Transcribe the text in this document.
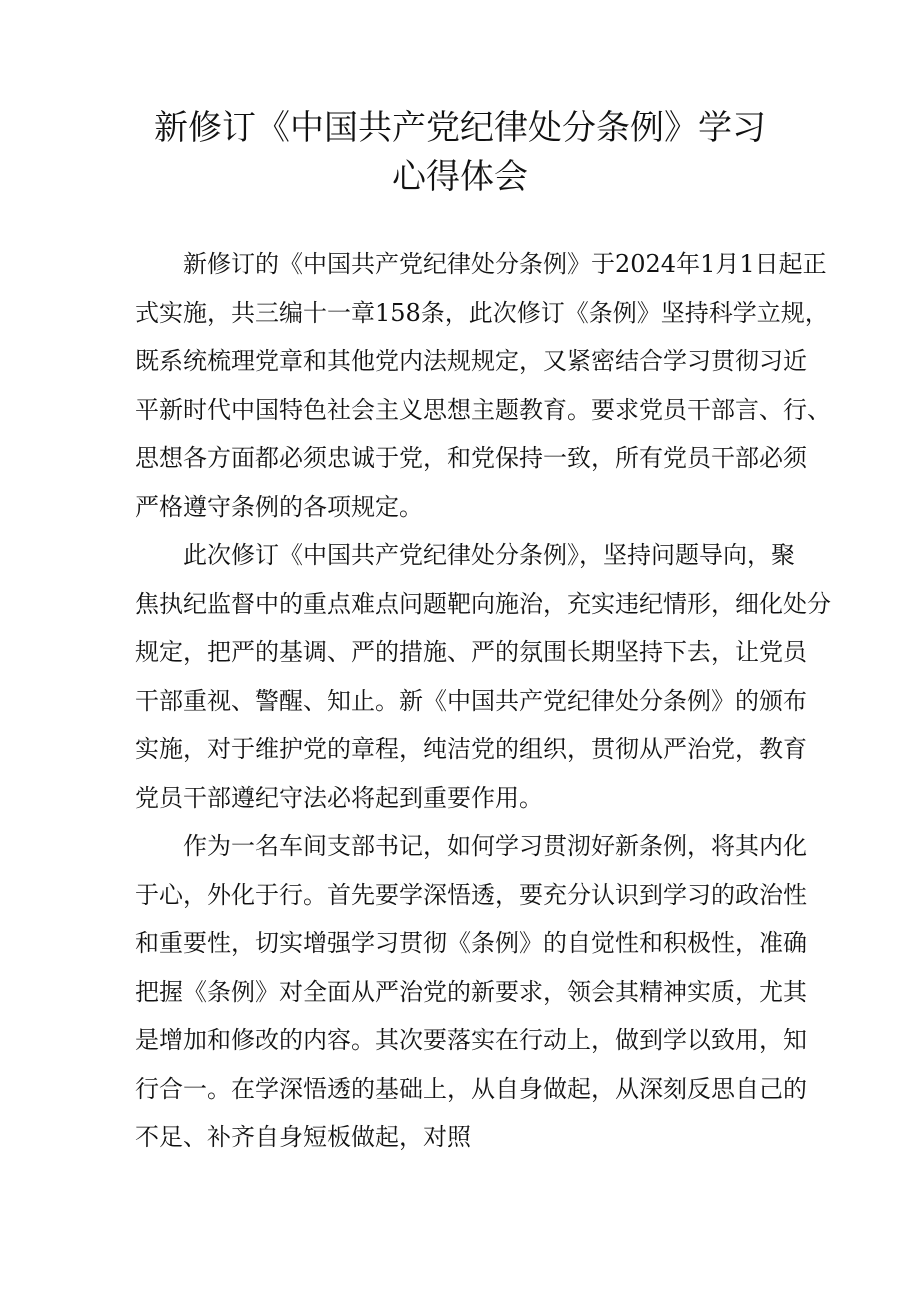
新修订《中国共产党纪律处分条例》学习
心得体会
新修订的《中国共产党纪律处分条例》于2024年1月1日起正
式实施，共三编十一章158条，此次修订《条例》坚持科学立规，
既系统梳理党章和其他党内法规规定，又紧密结合学习贯彻习近
平新时代中国特色社会主义思想主题教育。要求党员干部言、行、
思想各方面都必须忠诚于党，和党保持一致，所有党员干部必须
严格遵守条例的各项规定。
此次修订《中国共产党纪律处分条例》，坚持问题导向，聚
焦执纪监督中的重点难点问题靶向施治，充实违纪情形，细化处分
规定，把严的基调、严的措施、严的氛围长期坚持下去，让党员
干部重视、警醒、知止。新《中国共产党纪律处分条例》的颁布
实施，对于维护党的章程，纯洁党的组织，贯彻从严治党，教育
党员干部遵纪守法必将起到重要作用。
作为一名车间支部书记，如何学习贯沏好新条例，将其内化
于心，外化于行。首先要学深悟透，要充分认识到学习的政治性
和重要性，切实增强学习贯彻《条例》的自觉性和积极性，准确
把握《条例》对全面从严治党的新要求，领会其精神实质，尤其
是增加和修改的内容。其次要落实在行动上，做到学以致用，知
行合一。在学深悟透的基础上，从自身做起，从深刻反思自己的
不足、补齐自身短板做起，对照
